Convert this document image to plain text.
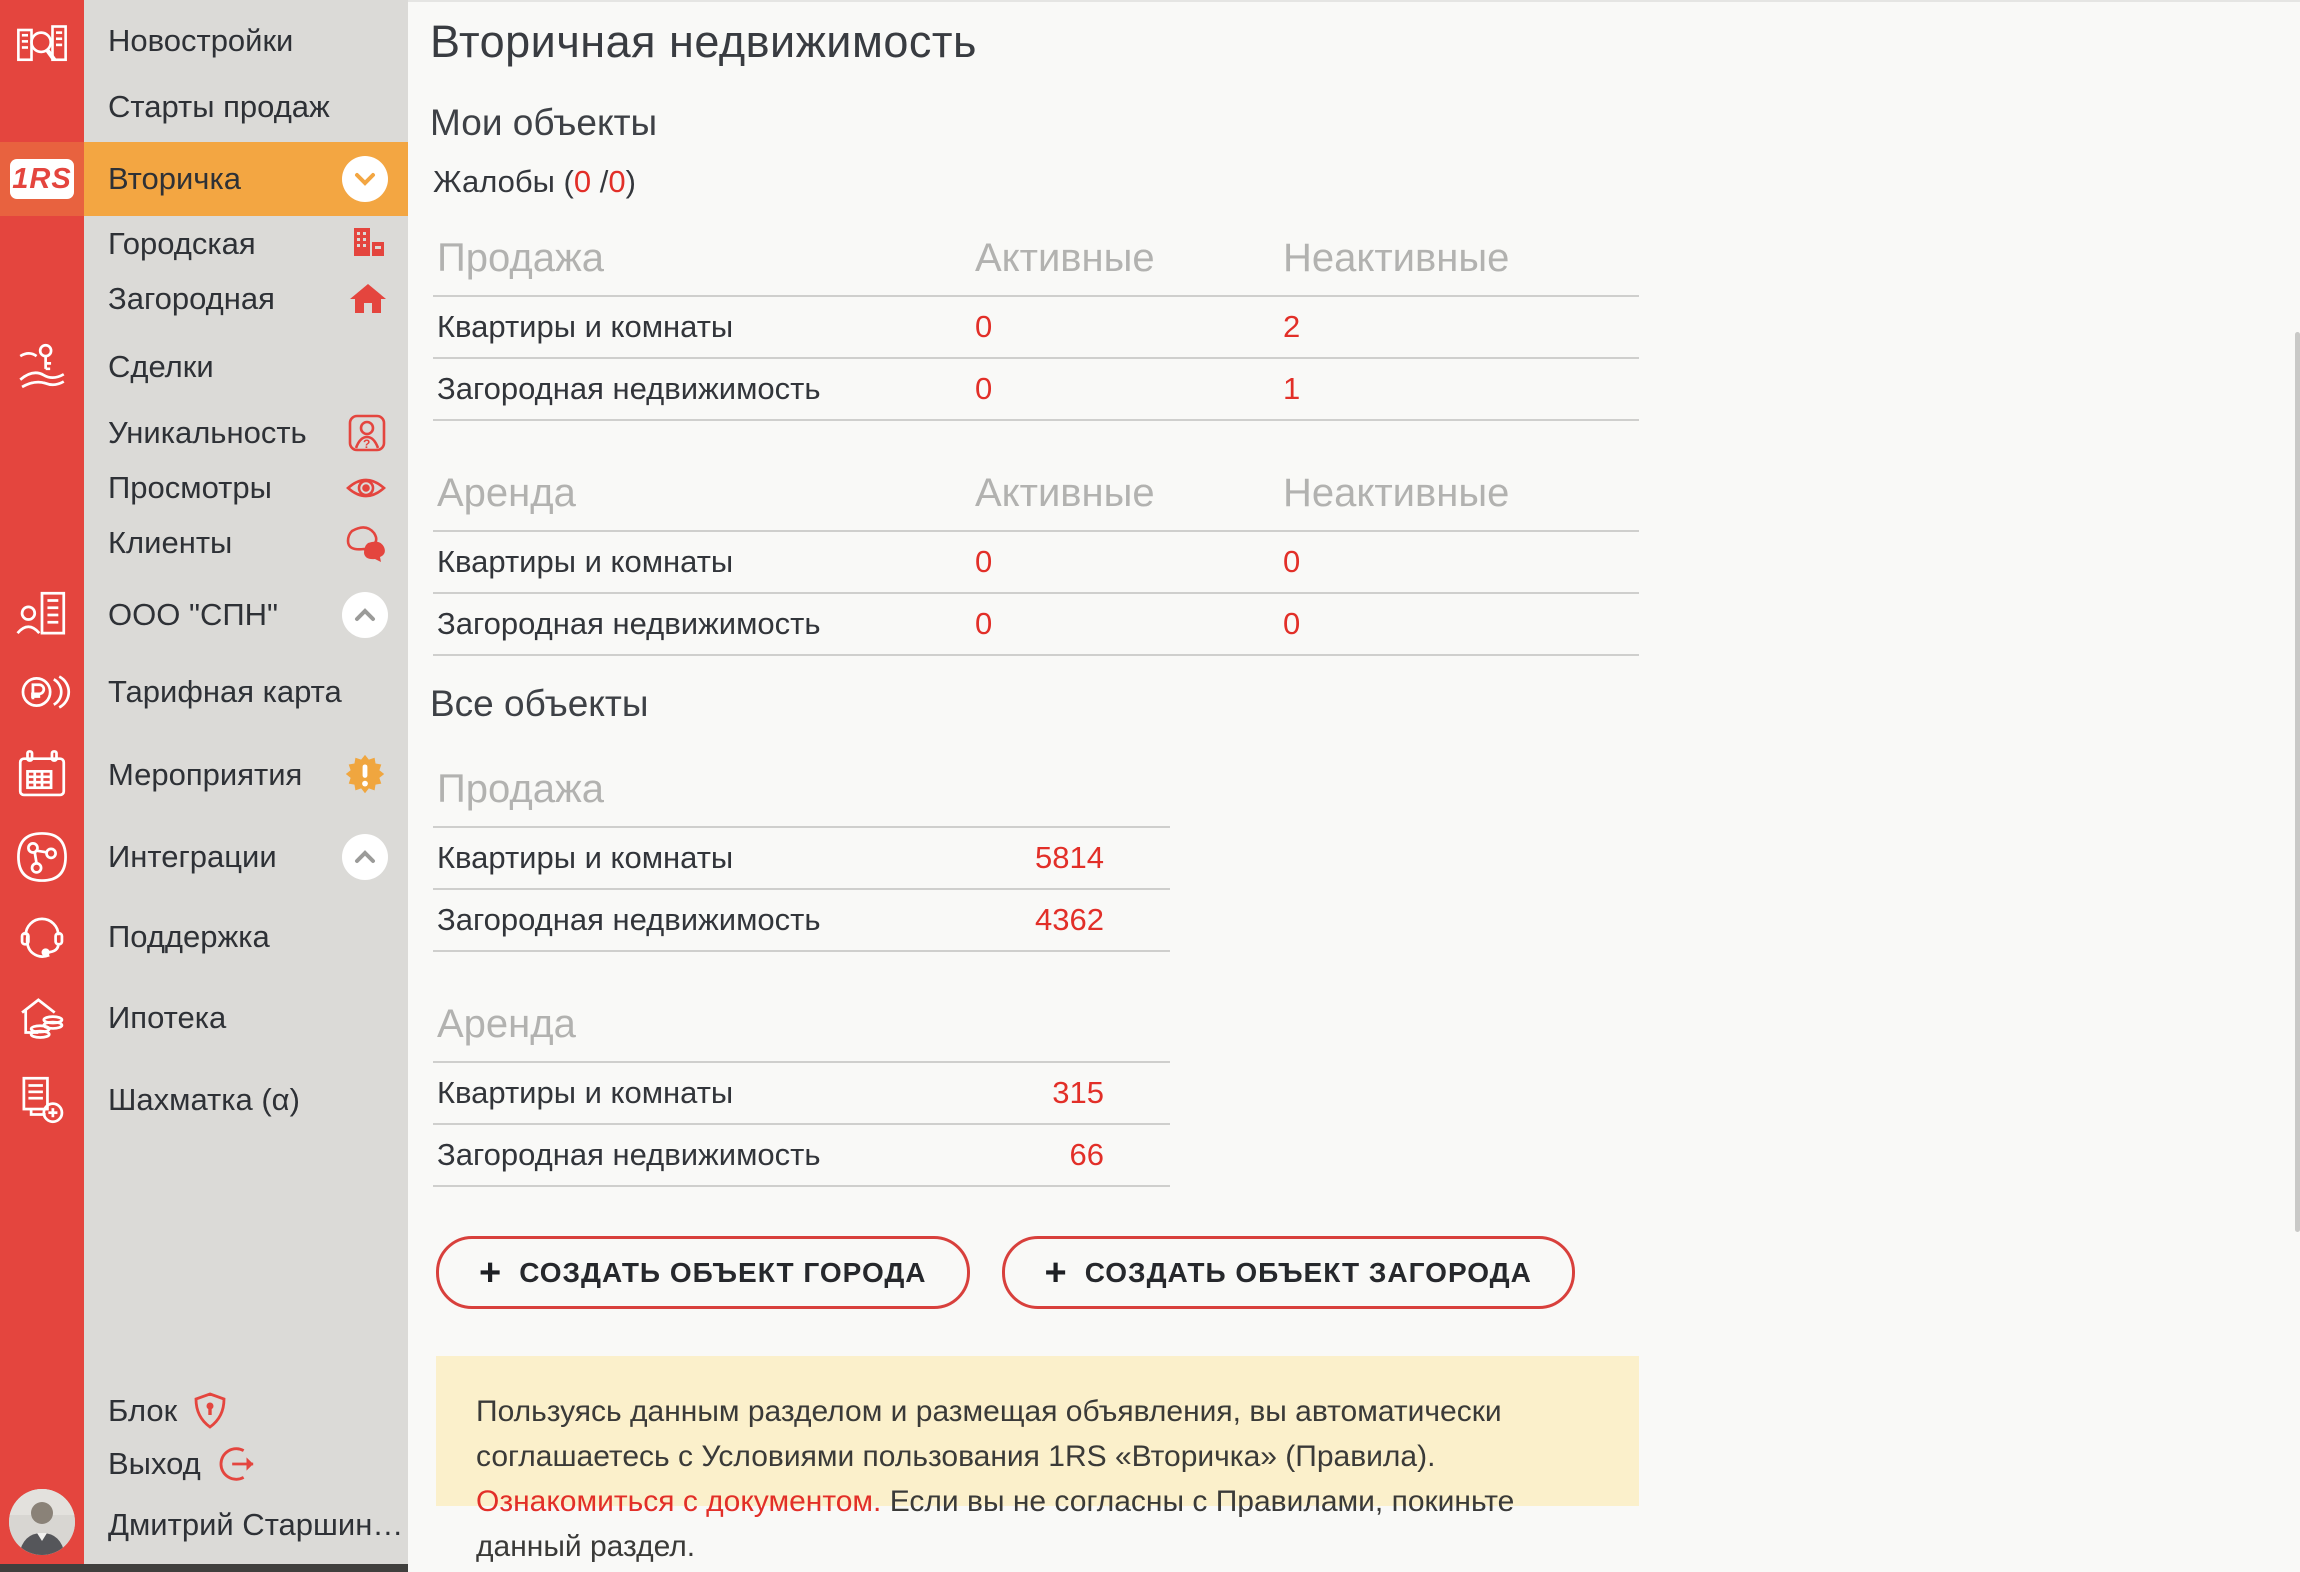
1RS
Новостройки
Старты продаж
Вторичка
Городская
Загородная
Сделки
Уникальность	?
Просмотры
Клиенты
ООО "СПН"
Тарифная карта
Мероприятия
Интеграции
Поддержка
Ипотека
Шахматка (α)
Блок
Выход
Дмитрий Старшин…
Вторичная недвижимость
Мои объекты
Жалобы (0 /0)
Продажа	Активные	Неактивные
Квартиры и комнаты	0	2
Загородная недвижимость	0	1
Аренда	Активные	Неактивные
Квартиры и комнаты	0	0
Загородная недвижимость	0	0
Все объекты
Продажа
Квартиры и комнаты	5814
Загородная недвижимость	4362
Аренда
Квартиры и комнаты	315
Загородная недвижимость	66
+ СОЗДАТЬ ОБЪЕКТ ГОРОДА	+ СОЗДАТЬ ОБЪЕКТ ЗАГОРОДА
Пользуясь данным разделом и размещая объявления, вы автоматически соглашаетесь с Условиями пользования 1RS «Вторичка» (Правила). Ознакомиться с документом. Если вы не согласны с Правилами, покиньте данный раздел.
